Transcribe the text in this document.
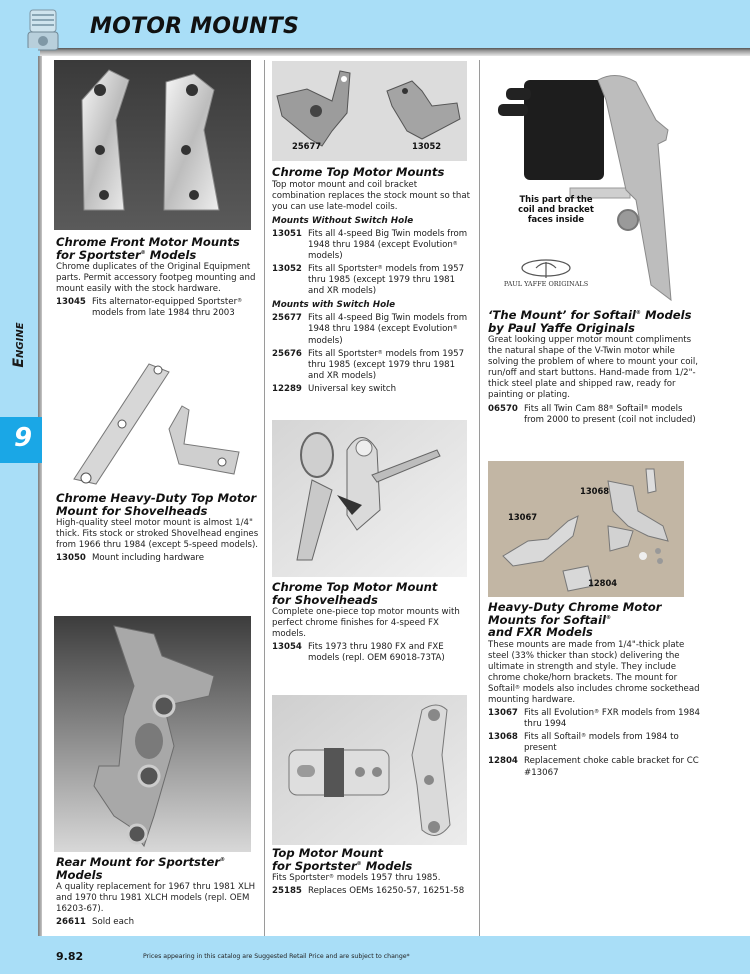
MOTOR MOUNTS
Engine
9
Chrome Front Motor Mounts
for Sportster® Models
Chrome duplicates of the Original Equipment parts. Permit accessory footpeg mounting and mount easily with the stock hardware.
13045 Fits alternator-equipped Sportster® models from late 1984 thru 2003
Chrome Heavy-Duty Top Motor
Mount for Shovelheads
High-quality steel motor mount is almost 1/4" thick. Fits stock or stroked Shovelhead engines from 1966 thru 1984 (except 5-speed models).
13050 Mount including hardware
Rear Mount for Sportster® Models
A quality replacement for 1967 thru 1981 XLH and 1970 thru 1981 XLCH models (repl. OEM 16203-67).
26611 Sold each
25677	13052
Chrome Top Motor Mounts
Top motor mount and coil bracket combination replaces the stock mount so that you can use late-model coils.
Mounts Without Switch Hole
13051 Fits all 4-speed Big Twin models from 1948 thru 1984 (except Evolution® models)
13052 Fits all Sportster® models from 1957 thru 1985 (except 1979 thru 1981 and XR models)
Mounts with Switch Hole
25677 Fits all 4-speed Big Twin models from 1948 thru 1984 (except Evolution® models)
25676 Fits all Sportster® models from 1957 thru 1985 (except 1979 thru 1981 and XR models)
12289 Universal key switch
Chrome Top Motor Mount
for Shovelheads
Complete one-piece top motor mounts with perfect chrome finishes for 4-speed FX models.
13054 Fits 1973 thru 1980 FX and FXE models (repl. OEM 69018-73TA)
Top Motor Mount
for Sportster® Models
Fits Sportster® models 1957 thru 1985.
25185 Replaces OEMs 16250-57, 16251-58
This part of the coil and bracket faces inside
PAUL YAFFE ORIGINALS
‘The Mount’ for Softail® Models
by Paul Yaffe Originals
Great looking upper motor mount compliments the natural shape of the V-Twin motor while solving the problem of where to mount your coil, run/off and start buttons. Hand-made from 1/2"-thick steel plate and shipped raw, ready for painting or plating.
06570 Fits all Twin Cam 88® Softail® models from 2000 to present (coil not included)
13068
13067
12804
Heavy-Duty Chrome Motor
Mounts for Softail®
and FXR Models
These mounts are made from 1/4"-thick plate steel (33% thicker than stock) delivering the ultimate in strength and style. They include chrome choke/horn brackets. The mount for Softail® models also includes chrome sockethead mounting hardware.
13067 Fits all Evolution® FXR models from 1984 thru 1994
13068 Fits all Softail® models from 1984 to present
12804 Replacement choke cable bracket for CC #13067
9.82	Prices appearing in this catalog are Suggested Retail Price and are subject to change*
